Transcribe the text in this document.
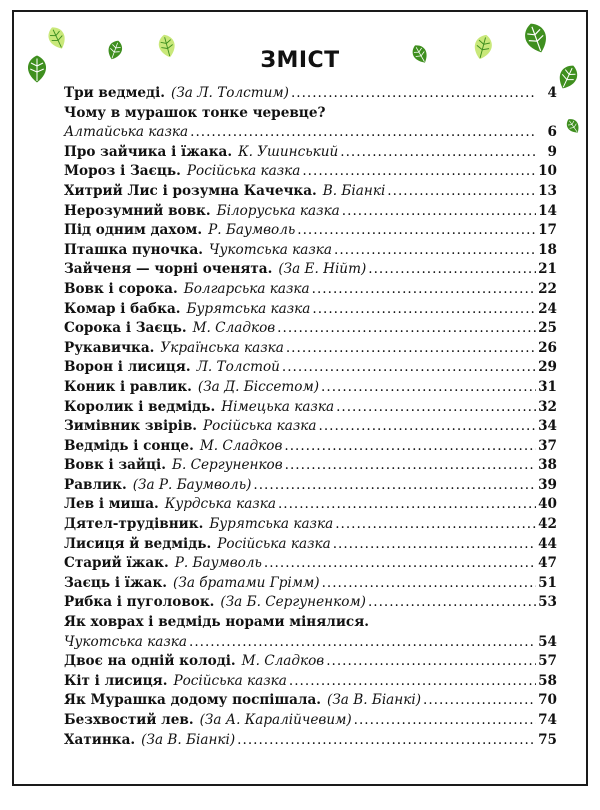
ЗМІСТ
Три ведмеді. (За Л. Толстим) .....	4
Чому в мурашок тонке черевце?
Алтайська казка .....	6
Про зайчика і їжака. К. Ушинський .....	9
Мороз і Заєць. Російська казка .....	10
Хитрий Лис і розумна Качечка. В. Біанкі .....	13
Нерозумний вовк. Білоруська казка .....	14
Під одним дахом. Р. Баумволь .....	17
Пташка пуночка. Чукотська казка .....	18
Зайченя — чорні оченята. (За Е. Нійт) .....	21
Вовк і сорока. Болгарська казка .....	22
Комар і бабка. Бурятська казка .....	24
Сорока і Заєць. М. Сладков .....	25
Рукавичка. Українська казка .....	26
Ворон і лисиця. Л. Толстой .....	29
Коник і равлик. (За Д. Біссетом) .....	31
Королик і ведмідь. Німецька казка .....	32
Зимівник звірів. Російська казка .....	34
Ведмідь і сонце. М. Сладков .....	37
Вовк і зайці. Б. Сергуненков .....	38
Равлик. (За Р. Баумволь) .....	39
Лев і миша. Курдська казка .....	40
Дятел-трудівник. Бурятська казка .....	42
Лисиця й ведмідь. Російська казка .....	44
Старий їжак. Р. Баумволь .....	47
Заєць і їжак. (За братами Грімм) .....	51
Рибка і пуголовок. (За Б. Сергуненком) .....	53
Як ховрах і ведмідь норами мінялися.
Чукотська казка .....	54
Двоє на одній колоді. М. Сладков .....	57
Кіт і лисиця. Російська казка .....	58
Як Мурашка додому поспішала. (За В. Біанкі) .....	70
Безхвостий лев. (За А. Каралійчевим) .....	74
Хатинка. (За В. Біанкі) .....	75
